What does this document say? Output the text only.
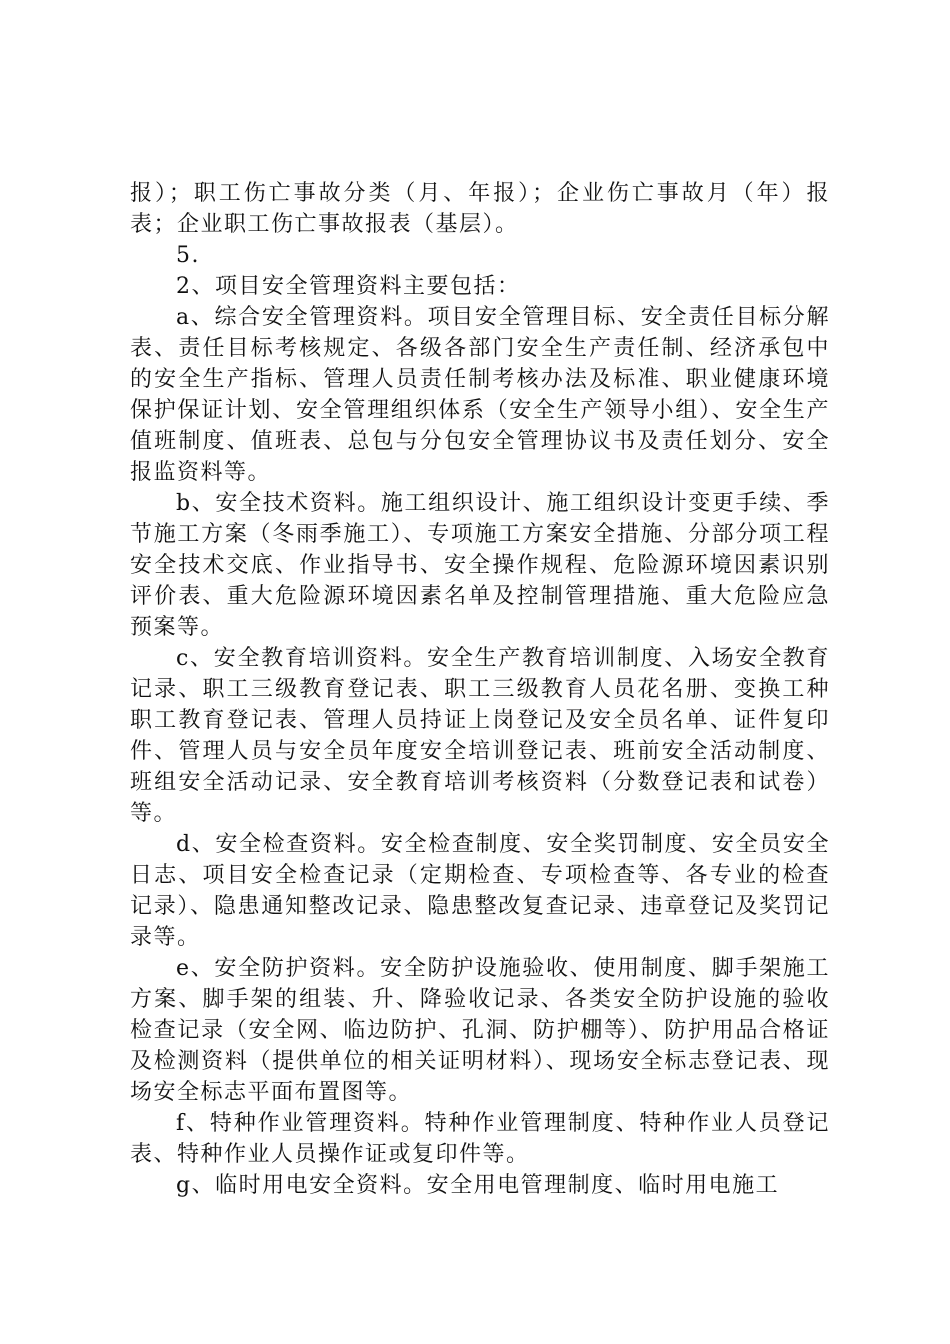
报）；职工伤亡事故分类（月、年报）；企业伤亡事故月（年）报表；企业职工伤亡事故报表（基层）。

5.

2、项目安全管理资料主要包括：

a、综合安全管理资料。项目安全管理目标、安全责任目标分解表、责任目标考核规定、各级各部门安全生产责任制、经济承包中的安全生产指标、管理人员责任制考核办法及标准、职业健康环境保护保证计划、安全管理组织体系（安全生产领导小组）、安全生产值班制度、值班表、总包与分包安全管理协议书及责任划分、安全报监资料等。

b、安全技术资料。施工组织设计、施工组织设计变更手续、季节施工方案（冬雨季施工）、专项施工方案安全措施、分部分项工程安全技术交底、作业指导书、安全操作规程、危险源环境因素识别评价表、重大危险源环境因素名单及控制管理措施、重大危险应急预案等。

c、安全教育培训资料。安全生产教育培训制度、入场安全教育记录、职工三级教育登记表、职工三级教育人员花名册、变换工种职工教育登记表、管理人员持证上岗登记及安全员名单、证件复印件、管理人员与安全员年度安全培训登记表、班前安全活动制度、班组安全活动记录、安全教育培训考核资料（分数登记表和试卷）等。

d、安全检查资料。安全检查制度、安全奖罚制度、安全员安全日志、项目安全检查记录（定期检查、专项检查等、各专业的检查记录）、隐患通知整改记录、隐患整改复查记录、违章登记及奖罚记录等。

e、安全防护资料。安全防护设施验收、使用制度、脚手架施工方案、脚手架的组装、升、降验收记录、各类安全防护设施的验收检查记录（安全网、临边防护、孔洞、防护棚等）、防护用品合格证及检测资料（提供单位的相关证明材料）、现场安全标志登记表、现场安全标志平面布置图等。

f、特种作业管理资料。特种作业管理制度、特种作业人员登记表、特种作业人员操作证或复印件等。

g、临时用电安全资料。安全用电管理制度、临时用电施工
